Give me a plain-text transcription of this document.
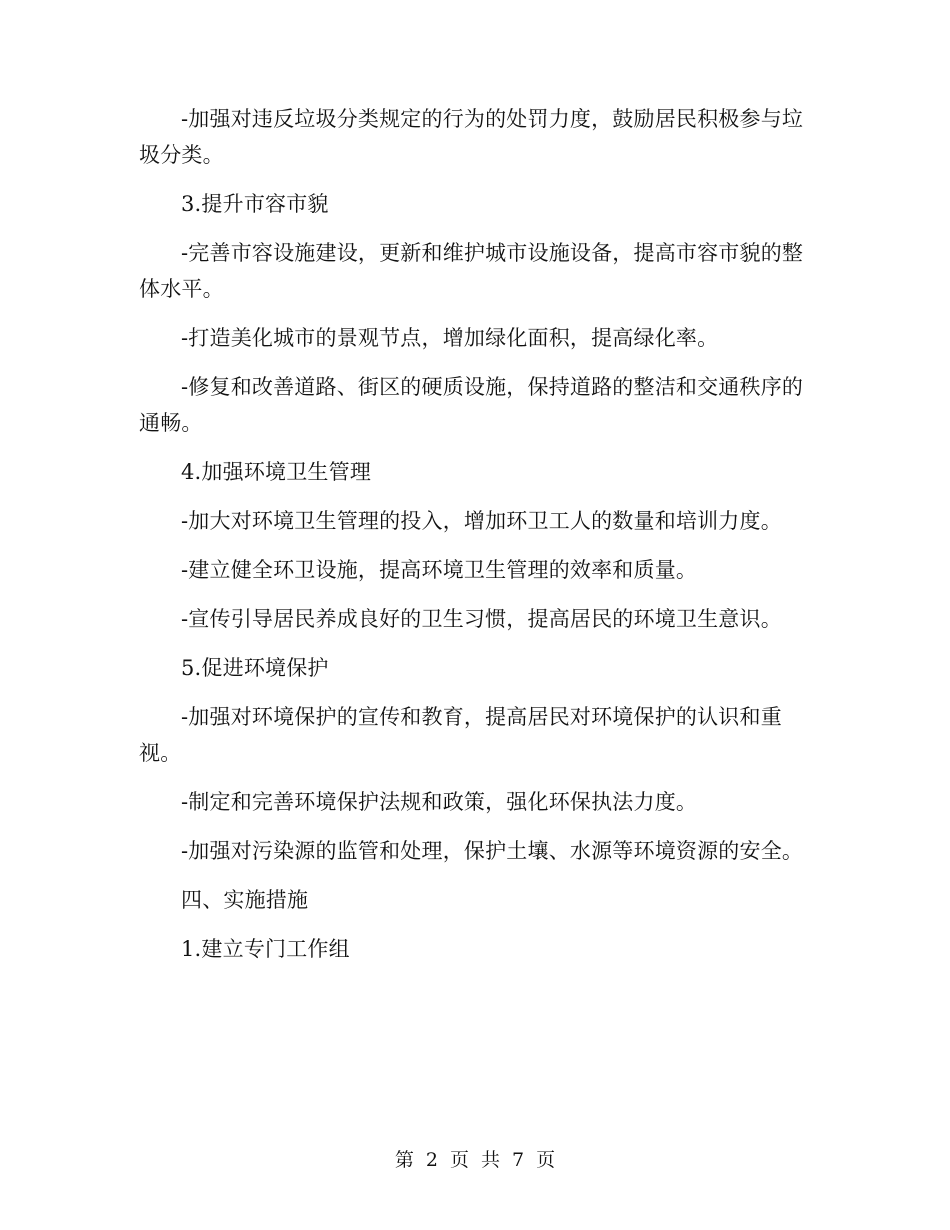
-加强对违反垃圾分类规定的行为的处罚力度，鼓励居民积极参与垃圾分类。

3.提升市容市貌

-完善市容设施建设，更新和维护城市设施设备，提高市容市貌的整体水平。

-打造美化城市的景观节点，增加绿化面积，提高绿化率。

-修复和改善道路、街区的硬质设施，保持道路的整洁和交通秩序的通畅。

4.加强环境卫生管理

-加大对环境卫生管理的投入，增加环卫工人的数量和培训力度。

-建立健全环卫设施，提高环境卫生管理的效率和质量。

-宣传引导居民养成良好的卫生习惯，提高居民的环境卫生意识。

5.促进环境保护

-加强对环境保护的宣传和教育，提高居民对环境保护的认识和重视。

-制定和完善环境保护法规和政策，强化环保执法力度。

-加强对污染源的监管和处理，保护土壤、水源等环境资源的安全。

四、实施措施

1.建立专门工作组

第 2 页 共 7 页
